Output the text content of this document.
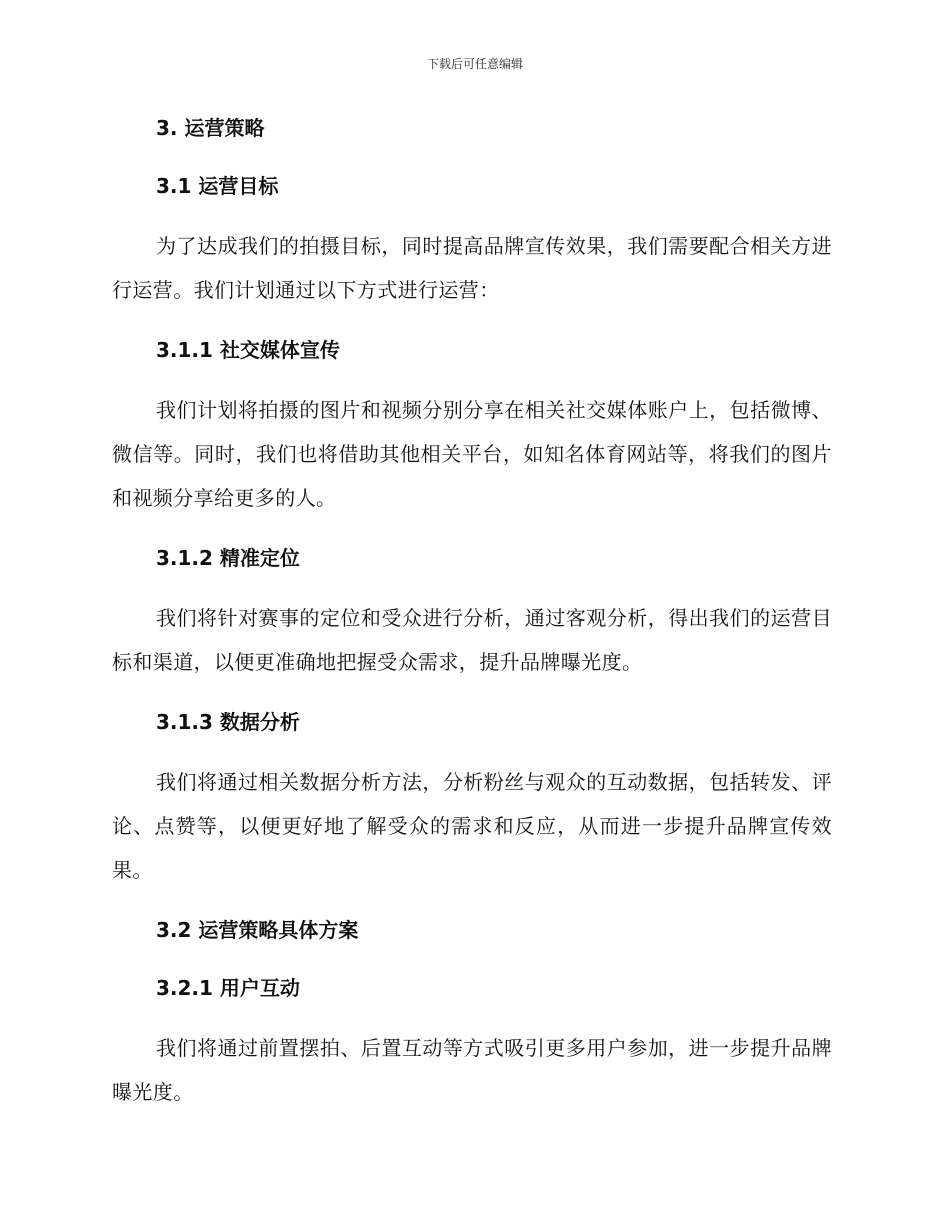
下载后可任意编辑
3. 运营策略
3.1 运营目标
为了达成我们的拍摄目标，同时提高品牌宣传效果，我们需要配合相关方进行运营。我们计划通过以下方式进行运营：
3.1.1 社交媒体宣传
我们计划将拍摄的图片和视频分别分享在相关社交媒体账户上，包括微博、微信等。同时，我们也将借助其他相关平台，如知名体育网站等，将我们的图片和视频分享给更多的人。
3.1.2 精准定位
我们将针对赛事的定位和受众进行分析，通过客观分析，得出我们的运营目标和渠道，以便更准确地把握受众需求，提升品牌曝光度。
3.1.3 数据分析
我们将通过相关数据分析方法，分析粉丝与观众的互动数据，包括转发、评论、点赞等，以便更好地了解受众的需求和反应，从而进一步提升品牌宣传效果。
3.2 运营策略具体方案
3.2.1 用户互动
我们将通过前置摆拍、后置互动等方式吸引更多用户参加，进一步提升品牌曝光度。
